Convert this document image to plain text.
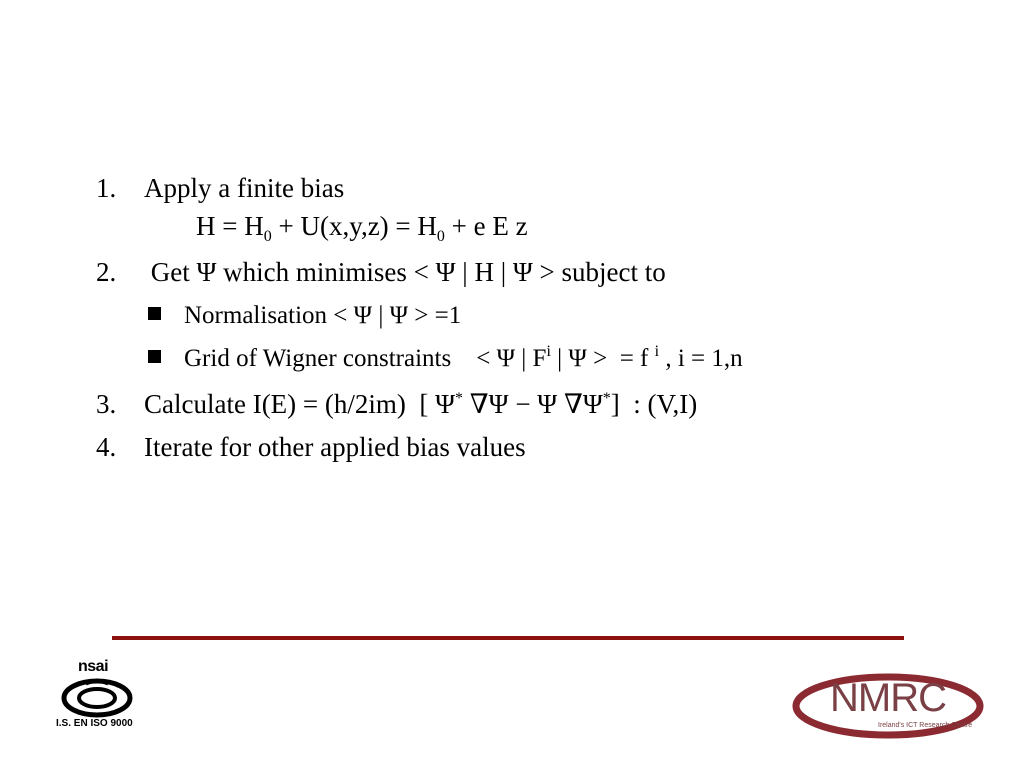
1. Apply a finite bias
$H = H_0 + U(x,y,z) = H_0 + e$ E z
2. Get Ψ which minimises < Ψ | H | Ψ > subject to
Normalisation < Ψ | Ψ > =1
Grid of Wigner constraints    < Ψ | $F^i$ | Ψ >  = f $^i$ , i = 1,n
3. Calculate I(E) = (h/2im)  [ Ψ* ∇Ψ − Ψ ∇Ψ*]  : (V,I)
4. Iterate for other applied bias values
nsai
I.S. EN ISO 9000
NMRC
Ireland's ICT Research Centre
